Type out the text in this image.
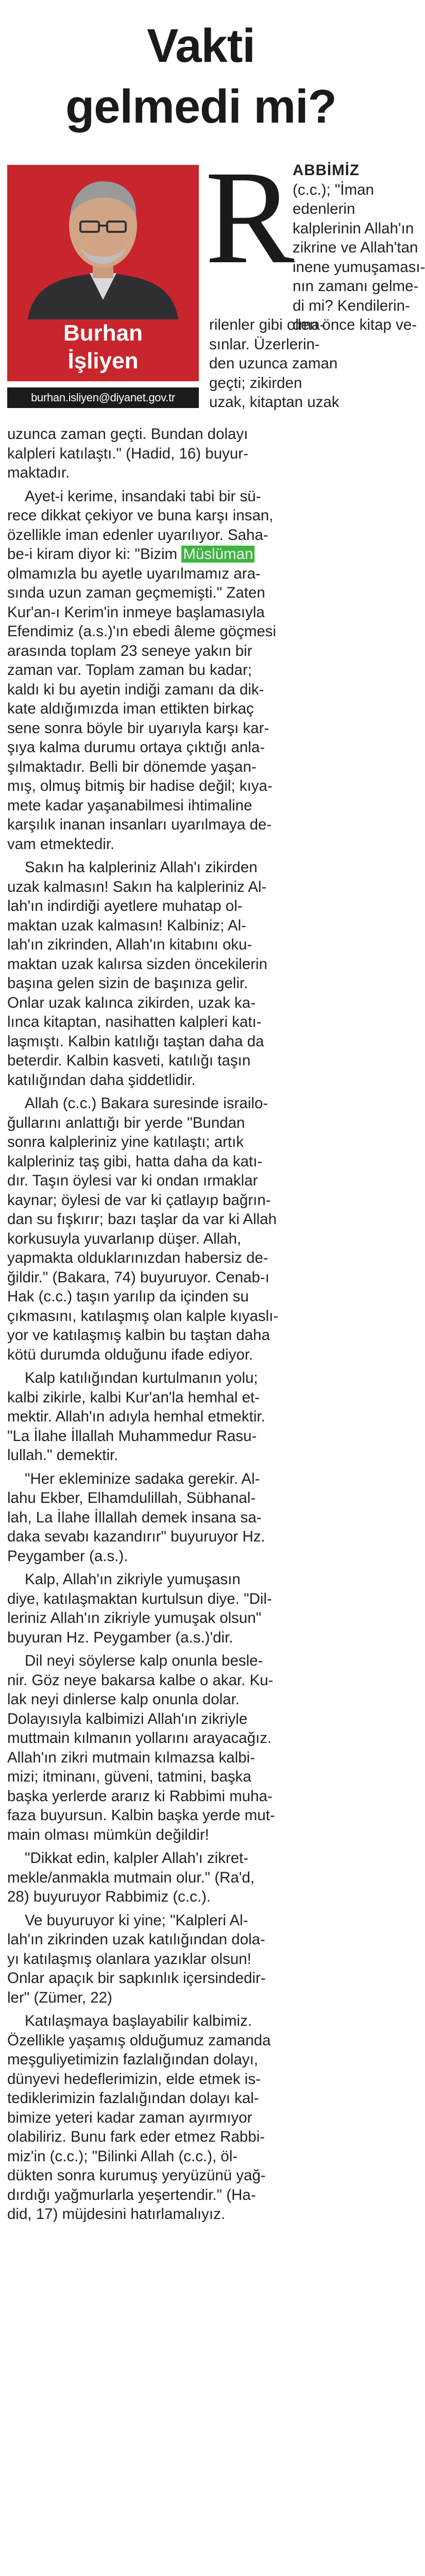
Vakti
gelmedi mi?
Burhan
İşliyen
burhan.isliyen@diyanet.gov.tr
R
ABBİMİZ
(c.c.); "İman
edenlerin
kalplerinin Allah'ın
zikrine ve Allah'tan
inene yumuşaması-
nın zamanı gelme-
di mi? Kendilerin-
den önce kitap ve-
rilenler gibi olma-
sınlar. Üzerlerin-
den uzunca zaman
geçti; zikirden
uzak, kitaptan uzak
uzunca zaman geçti. Bundan dolayı
kalpleri katılaştı." (Hadid, 16) buyur-
maktadır.
Ayet-i kerime, insandaki tabi bir sü-
rece dikkat çekiyor ve buna karşı insan,
özellikle iman edenler uyarılıyor. Saha-
be-i kiram diyor ki: "Bizim Müslüman
olmamızla bu ayetle uyarılmamız ara-
sında uzun zaman geçmemişti." Zaten
Kur'an-ı Kerim'in inmeye başlamasıyla
Efendimiz (a.s.)'ın ebedi âleme göçmesi
arasında toplam 23 seneye yakın bir
zaman var. Toplam zaman bu kadar;
kaldı ki bu ayetin indiği zamanı da dik-
kate aldığımızda iman ettikten birkaç
sene sonra böyle bir uyarıyla karşı kar-
şıya kalma durumu ortaya çıktığı anla-
şılmaktadır. Belli bir dönemde yaşan-
mış, olmuş bitmiş bir hadise değil; kıya-
mete kadar yaşanabilmesi ihtimaline
karşılık inanan insanları uyarılmaya de-
vam etmektedir.
Sakın ha kalpleriniz Allah'ı zikirden
uzak kalmasın! Sakın ha kalpleriniz Al-
lah'ın indirdiği ayetlere muhatap ol-
maktan uzak kalmasın! Kalbiniz; Al-
lah'ın zikrinden, Allah'ın kitabını oku-
maktan uzak kalırsa sizden öncekilerin
başına gelen sizin de başınıza gelir.
Onlar uzak kalınca zikirden, uzak ka-
lınca kitaptan, nasihatten kalpleri katı-
laşmıştı. Kalbin katılığı taştan daha da
beterdir. Kalbin kasveti, katılığı taşın
katılığından daha şiddetlidir.
Allah (c.c.) Bakara suresinde israilo-
ğullarını anlattığı bir yerde "Bundan
sonra kalpleriniz yine katılaştı; artık
kalpleriniz taş gibi, hatta daha da katı-
dır. Taşın öylesi var ki ondan ırmaklar
kaynar; öylesi de var ki çatlayıp bağrın-
dan su fışkırır; bazı taşlar da var ki Allah
korkusuyla yuvarlanıp düşer. Allah,
yapmakta olduklarınızdan habersiz de-
ğildir." (Bakara, 74) buyuruyor. Cenab-ı
Hak (c.c.) taşın yarılıp da içinden su
çıkmasını, katılaşmış olan kalple kıyaslı-
yor ve katılaşmış kalbin bu taştan daha
kötü durumda olduğunu ifade ediyor.
Kalp katılığından kurtulmanın yolu;
kalbi zikirle, kalbi Kur'an'la hemhal et-
mektir. Allah'ın adıyla hemhal etmektir.
"La İlahe İllallah Muhammedur Rasu-
lullah." demektir.
"Her ekleminize sadaka gerekir. Al-
lahu Ekber, Elhamdulillah, Sübhanal-
lah, La İlahe İllallah demek insana sa-
daka sevabı kazandırır" buyuruyor Hz.
Peygamber (a.s.).
Kalp, Allah'ın zikriyle yumuşasın
diye, katılaşmaktan kurtulsun diye. "Dil-
leriniz Allah'ın zikriyle yumuşak olsun"
buyuran Hz. Peygamber (a.s.)'dir.
Dil neyi söylerse kalp onunla besle-
nir. Göz neye bakarsa kalbe o akar. Ku-
lak neyi dinlerse kalp onunla dolar.
Dolayısıyla kalbimizi Allah'ın zikriyle
muttmain kılmanın yollarını arayacağız.
Allah'ın zikri mutmain kılmazsa kalbi-
mizi; itminanı, güveni, tatmini, başka
başka yerlerde ararız ki Rabbimi muha-
faza buyursun. Kalbin başka yerde mut-
main olması mümkün değildir!
"Dikkat edin, kalpler Allah'ı zikret-
mekle/anmakla mutmain olur." (Ra'd,
28) buyuruyor Rabbimiz (c.c.).
Ve buyuruyor ki yine; "Kalpleri Al-
lah'ın zikrinden uzak katılığından dola-
yı katılaşmış olanlara yazıklar olsun!
Onlar apaçık bir sapkınlık içersindedir-
ler" (Zümer, 22)
Katılaşmaya başlayabilir kalbimiz.
Özellikle yaşamış olduğumuz zamanda
meşguliyetimizin fazlalığından dolayı,
dünyevi hedeflerimizin, elde etmek is-
tediklerimizin fazlalığından dolayı kal-
bimize yeteri kadar zaman ayırmıyor
olabiliriz. Bunu fark eder etmez Rabbi-
miz'in (c.c.); "Bilinki Allah (c.c.), öl-
dükten sonra kurumuş yeryüzünü yağ-
dırdığı yağmurlarla yeşertendir." (Ha-
did, 17) müjdesini hatırlamalıyız.
